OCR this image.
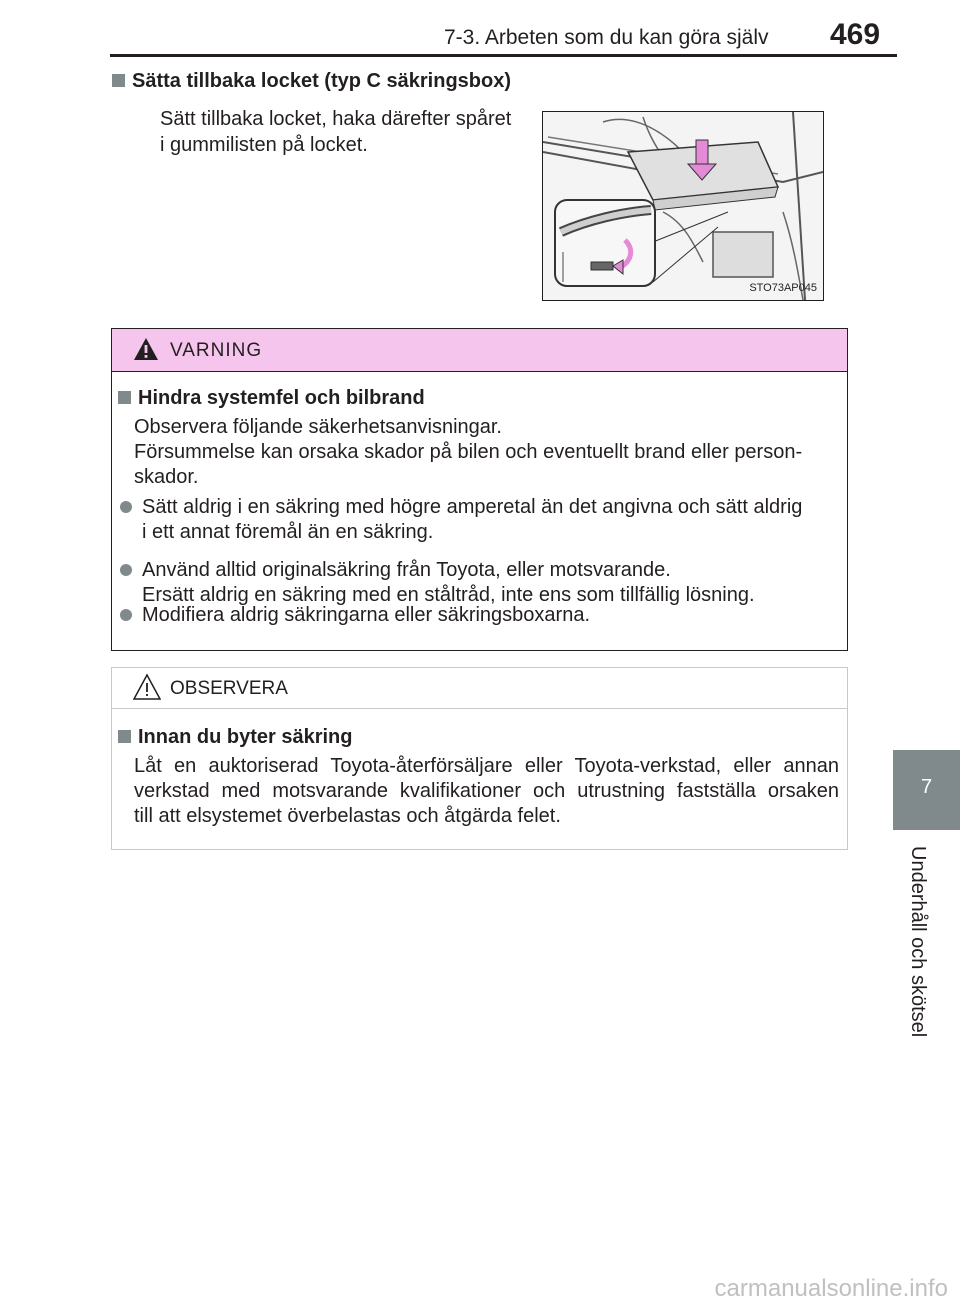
7-3. Arbeten som du kan göra själv 469
7
Underhåll och skötsel
Sätta tillbaka locket (typ C säkringsbox)
Sätt tillbaka locket, haka därefter spåret
i gummilisten på locket.
STO73AP045
VARNING
Hindra systemfel och bilbrand
Observera följande säkerhetsanvisningar.
Försummelse kan orsaka skador på bilen och eventuellt brand eller person-
skador.
Sätt aldrig i en säkring med högre amperetal än det angivna och sätt aldrig
i ett annat föremål än en säkring.
Använd alltid originalsäkring från Toyota, eller motsvarande.
Ersätt aldrig en säkring med en ståltråd, inte ens som tillfällig lösning.
Modifiera aldrig säkringarna eller säkringsboxarna.
OBSERVERA
Innan du byter säkring
Låt en auktoriserad Toyota-återförsäljare eller Toyota-verkstad, eller annan
verkstad med motsvarande kvalifikationer och utrustning fastställa orsaken
till att elsystemet överbelastas och åtgärda felet.
carmanualsonline.info
